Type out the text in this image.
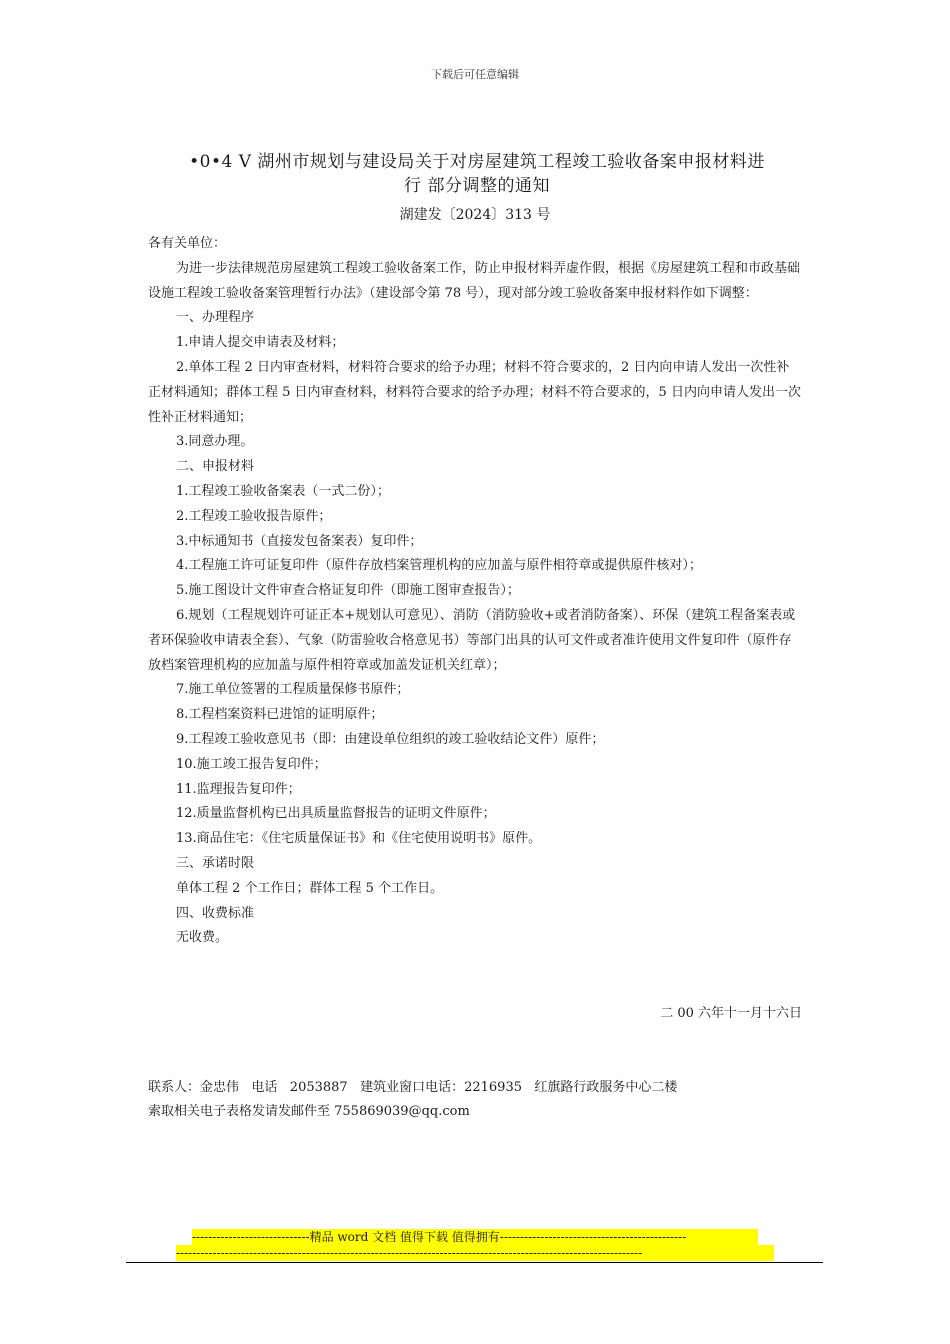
下载后可任意编辑
•0•4 V 湖州市规划与建设局关于对房屋建筑工程竣工验收备案申报材料进
行 部分调整的通知
湖建发〔2024〕313 号

各有关单位：

为进一步法律规范房屋建筑工程竣工验收备案工作，防止申报材料弄虚作假，根据《房屋建筑工程和市政基础设施工程竣工验收备案管理暂行办法》（建设部令第 78 号），现对部分竣工验收备案申报材料作如下调整：

一、办理程序

1.申请人提交申请表及材料；

2.单体工程 2 日内审查材料，材料符合要求的给予办理；材料不符合要求的，2 日内向申请人发出一次性补正材料通知；群体工程 5 日内审查材料，材料符合要求的给予办理；材料不符合要求的，5 日内向申请人发出一次性补正材料通知；

3.同意办理。

二、申报材料

1.工程竣工验收备案表（一式二份）；

2.工程竣工验收报告原件；

3.中标通知书（直接发包备案表）复印件；

4.工程施工许可证复印件（原件存放档案管理机构的应加盖与原件相符章或提供原件核对）；

5.施工图设计文件审查合格证复印件（即施工图审查报告）；

6.规划（工程规划许可证正本+规划认可意见）、消防（消防验收+或者消防备案）、环保（建筑工程备案表或者环保验收申请表全套）、气象（防雷验收合格意见书）等部门出具的认可文件或者准许使用文件复印件（原件存放档案管理机构的应加盖与原件相符章或加盖发证机关红章）；

7.施工单位签署的工程质量保修书原件；

8.工程档案资料已进馆的证明原件；

9.工程竣工验收意见书（即：由建设单位组织的竣工验收结论文件）原件；

10.施工竣工报告复印件；

11.监理报告复印件；

12.质量监督机构已出具质量监督报告的证明文件原件；

13.商品住宅：《住宅质量保证书》和《住宅使用说明书》原件。

三、承诺时限

单体工程 2 个工作日；群体工程 5 个工作日。

四、收费标准

无收费。

二 00 六年十一月十六日

联系人：金忠伟   电话   2053887   建筑业窗口电话：2216935   红旗路行政服务中心二楼

索取相关电子表格发请发邮件至 755869039@qq.com

-----------------------------精品 word 文档 值得下载 值得拥有----------------------------------------------
-------------------------------------------------------------------------------------------------------------------
